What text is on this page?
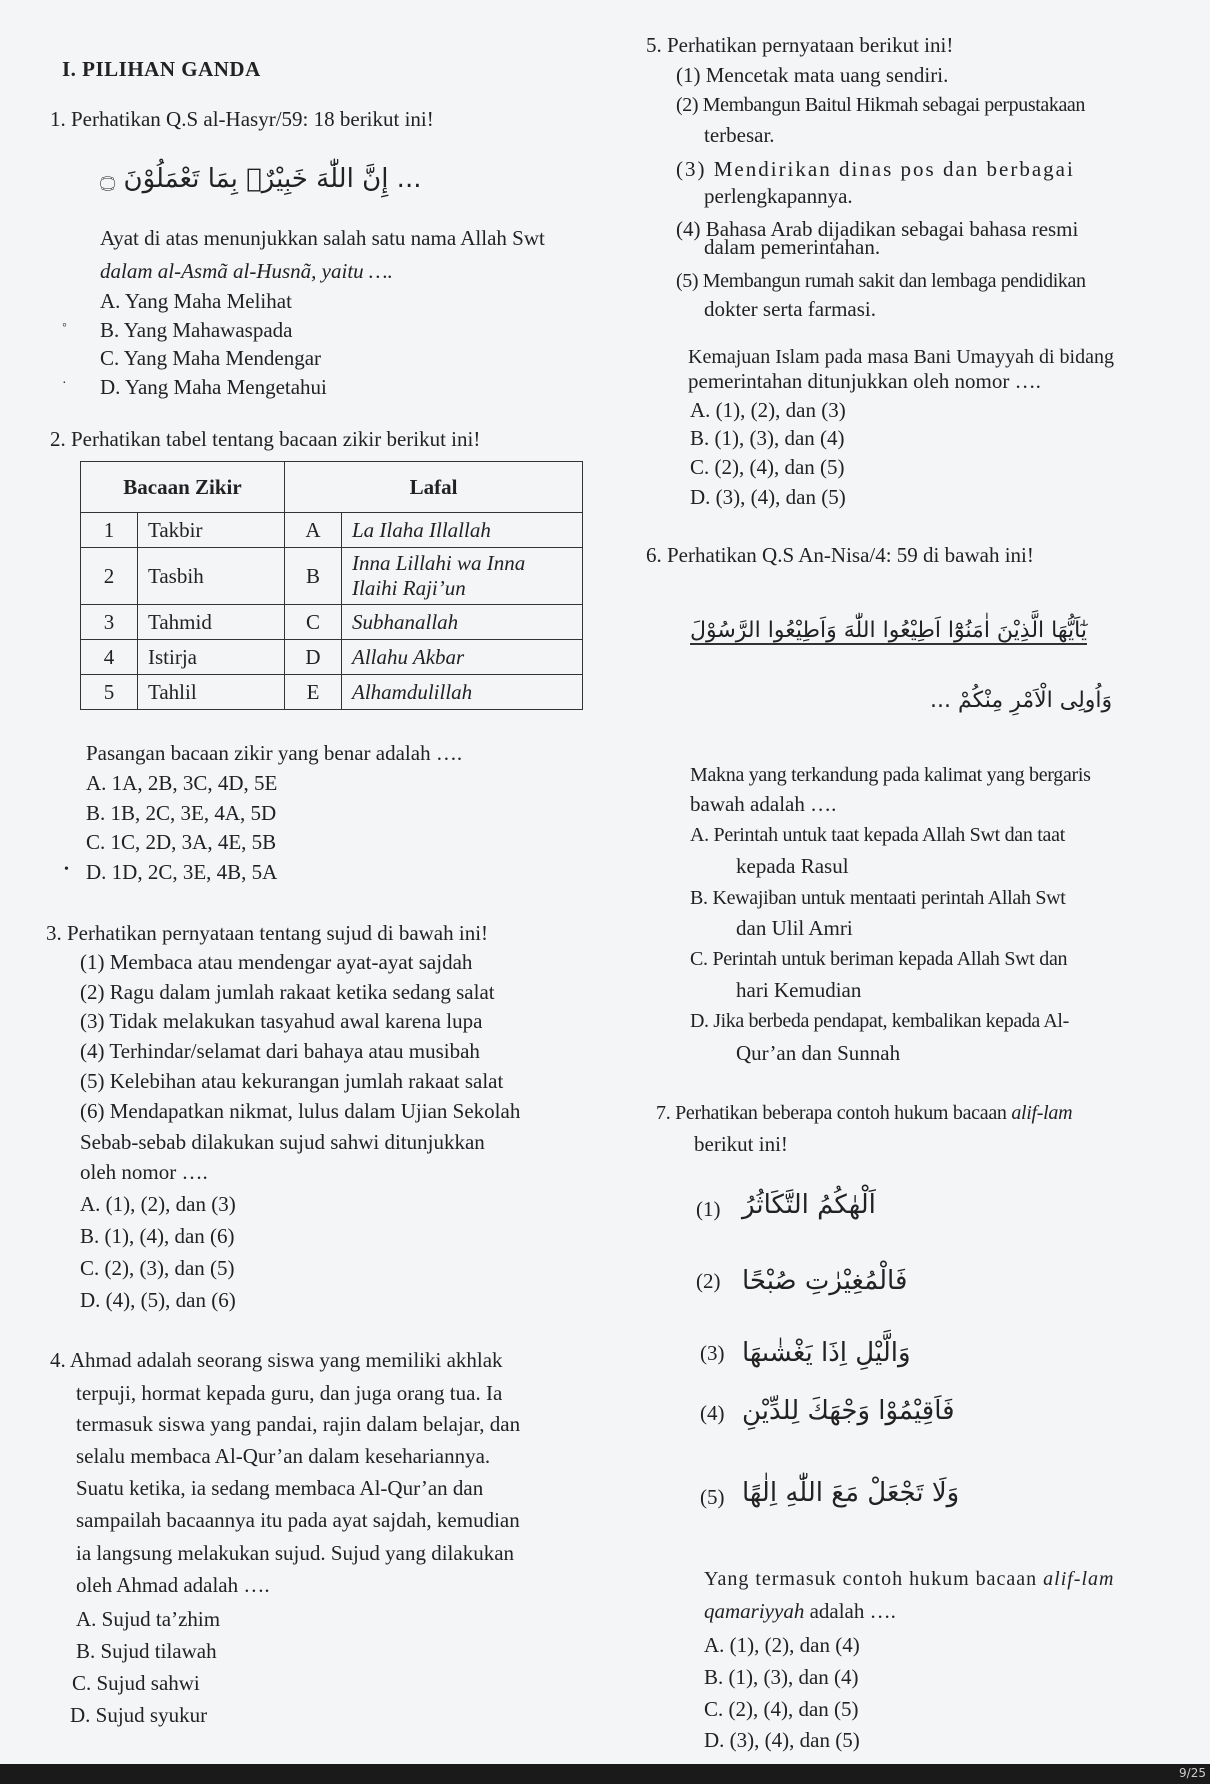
I. PILIHAN GANDA
1. Perhatikan Q.S al-Hasyr/59: 18 berikut ini!
... إِنَّ اللّٰهَ خَبِيْرٌۢ بِمَا تَعْمَلُوْنَ ۝
Ayat di atas menunjukkan salah satu nama Allah Swt
dalam al-Asmã al-Husnã, yaitu ….
A. Yang Maha Melihat
B. Yang Mahawaspada
C. Yang Maha Mendengar
D. Yang Maha Mengetahui
2. Perhatikan tabel tentang bacaan zikir berikut ini!
Bacaan Zikir		Lafal	
1	Takbir	A	La Ilaha Illallah
2	Tasbih	B	Inna Lillahi wa Inna Ilaihi Raji’un
3	Tahmid	C	Subhanallah
4	Istirja	D	Allahu Akbar
5	Tahlil	E	Alhamdulillah
Pasangan bacaan zikir yang benar adalah ….
A. 1A, 2B, 3C, 4D, 5E
B. 1B, 2C, 3E, 4A, 5D
C. 1C, 2D, 3A, 4E, 5B
D. 1D, 2C, 3E, 4B, 5A
3. Perhatikan pernyataan tentang sujud di bawah ini!
(1) Membaca atau mendengar ayat-ayat sajdah
(2) Ragu dalam jumlah rakaat ketika sedang salat
(3) Tidak melakukan tasyahud awal karena lupa
(4) Terhindar/selamat dari bahaya atau musibah
(5) Kelebihan atau kekurangan jumlah rakaat salat
(6) Mendapatkan nikmat, lulus dalam Ujian Sekolah
Sebab-sebab dilakukan sujud sahwi ditunjukkan
oleh nomor ….
A. (1), (2), dan (3)
B. (1), (4), dan (6)
C. (2), (3), dan (5)
D. (4), (5), dan (6)
4. Ahmad adalah seorang siswa yang memiliki akhlak
terpuji, hormat kepada guru, dan juga orang tua. Ia
termasuk siswa yang pandai, rajin dalam belajar, dan
selalu membaca Al-Qur’an dalam kesehariannya.
Suatu ketika, ia sedang membaca Al-Qur’an dan
sampailah bacaannya itu pada ayat sajdah, kemudian
ia langsung melakukan sujud. Sujud yang dilakukan
oleh Ahmad adalah ….
A. Sujud ta’zhim
B. Sujud tilawah
C. Sujud sahwi
D. Sujud syukur
5. Perhatikan pernyataan berikut ini!
(1) Mencetak mata uang sendiri.
(2) Membangun Baitul Hikmah sebagai perpustakaan
terbesar.
(3) Mendirikan dinas pos dan berbagai
perlengkapannya.
(4) Bahasa Arab dijadikan sebagai bahasa resmi
dalam pemerintahan.
(5) Membangun rumah sakit dan lembaga pendidikan
dokter serta farmasi.
Kemajuan Islam pada masa Bani Umayyah di bidang
pemerintahan ditunjukkan oleh nomor ….
A. (1), (2), dan (3)
B. (1), (3), dan (4)
C. (2), (4), dan (5)
D. (3), (4), dan (5)
6. Perhatikan Q.S An-Nisa/4: 59 di bawah ini!
يٰٓاَيُّهَا الَّذِيْنَ اٰمَنُوْٓا اَطِيْعُوا اللّٰهَ وَاَطِيْعُوا الرَّسُوْلَ
وَاُولِى الْاَمْرِ مِنْكُمْ ...
Makna yang terkandung pada kalimat yang bergaris
bawah adalah ….
A. Perintah untuk taat kepada Allah Swt dan taat
kepada Rasul
B. Kewajiban untuk mentaati perintah Allah Swt
dan Ulil Amri
C. Perintah untuk beriman kepada Allah Swt dan
hari Kemudian
D. Jika berbeda pendapat, kembalikan kepada Al-
Qur’an dan Sunnah
7. Perhatikan beberapa contoh hukum bacaan alif-lam
berikut ini!
(1) اَلْهٰكُمُ التَّكَاثُرُ
(2) فَالْمُغِيْرٰتِ صُبْحًا
(3) وَالَّيْلِ اِذَا يَغْشٰىهَا
(4) فَاَقِيْمُوْا وَجْهَكَ لِلدِّيْنِ
(5) وَلَا تَجْعَلْ مَعَ اللّٰهِ اِلٰهًا
Yang termasuk contoh hukum bacaan alif-lam
qamariyyah adalah ….
A. (1), (2), dan (4)
B. (1), (3), dan (4)
C. (2), (4), dan (5)
D. (3), (4), dan (5)
◦
·
•
9/25
